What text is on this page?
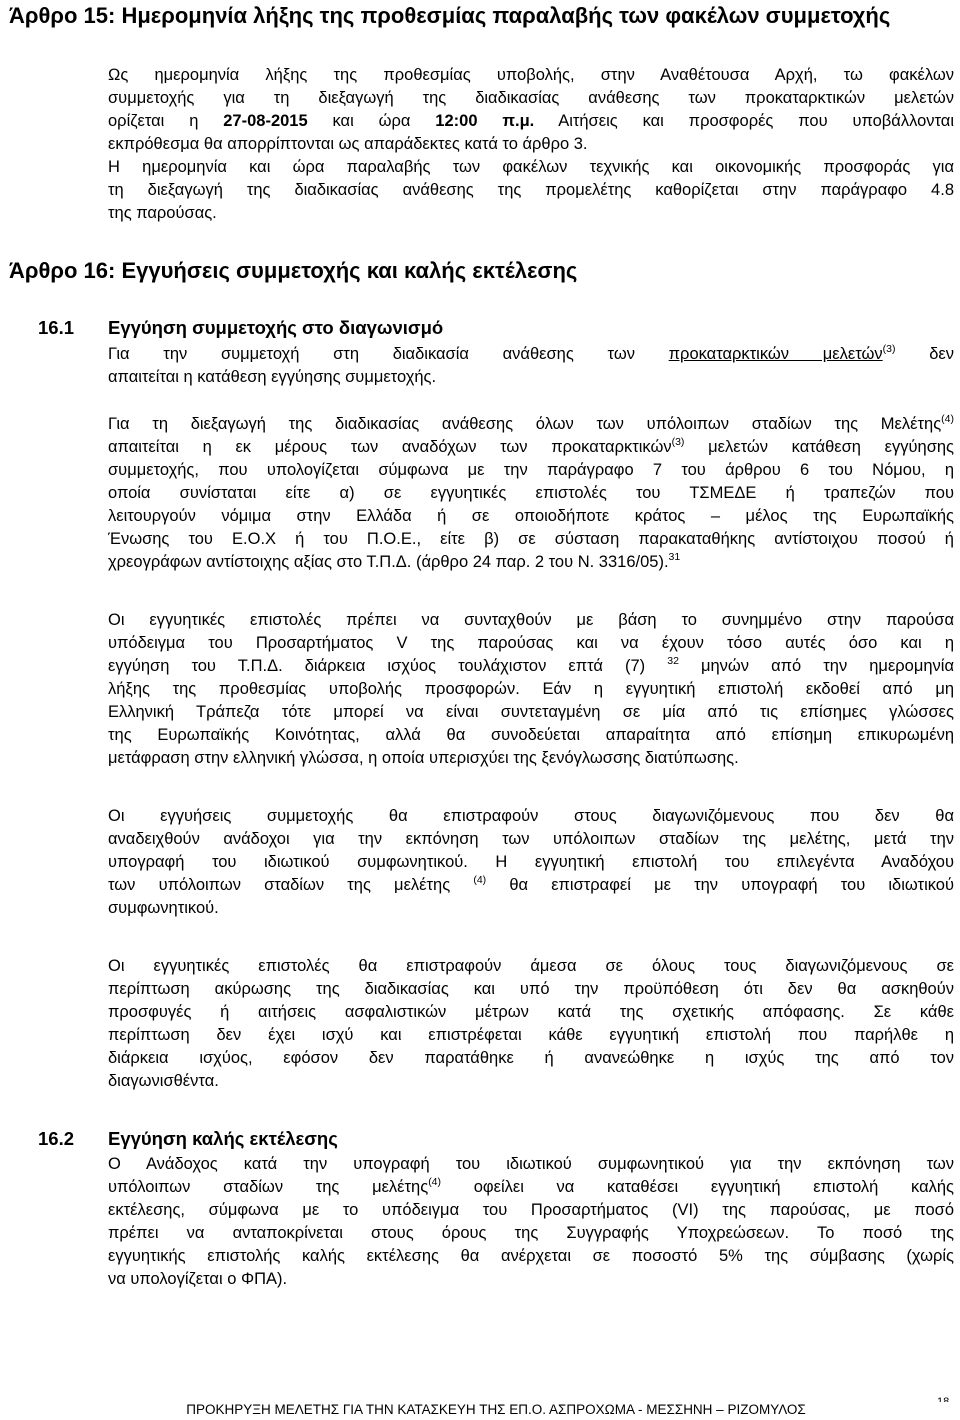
Άρθρο 15: Ημερομηνία λήξης της προθεσμίας παραλαβής των φακέλων συμμετοχής
Ως ημερομηνία λήξης της προθεσμίας υποβολής, στην Αναθέτουσα Αρχή, τω φακέλων
συμμετοχής για τη διεξαγωγή της διαδικασίας ανάθεσης των προκαταρκτικών μελετών
ορίζεται η 27-08-2015 και ώρα 12:00 π.μ. Αιτήσεις και προσφορές που υποβάλλονται
εκπρόθεσμα θα απορρίπτονται ως απαράδεκτες κατά το άρθρο 3.
Η ημερομηνία και ώρα παραλαβής των φακέλων τεχνικής και οικονομικής προσφοράς για
τη διεξαγωγή της διαδικασίας ανάθεσης της προμελέτης καθορίζεται στην παράγραφο 4.8
της παρούσας.
Άρθρο 16: Εγγυήσεις συμμετοχής και καλής εκτέλεσης
16.1 Εγγύηση συμμετοχής στο διαγωνισμό
Για την συμμετοχή στη διαδικασία ανάθεσης των προκαταρκτικών μελετών$^{(3)}$ δεν
απαιτείται η κατάθεση εγγύησης συμμετοχής.
Για τη διεξαγωγή της διαδικασίας ανάθεσης όλων των υπόλοιπων σταδίων της Μελέτης$^{(4)}$
απαιτείται η εκ μέρους των αναδόχων των προκαταρκτικών$^{(3)}$ μελετών κατάθεση εγγύησης
συμμετοχής, που υπολογίζεται σύμφωνα με την παράγραφο 7 του άρθρου 6 του Νόμου, η
οποία συνίσταται είτε α) σε εγγυητικές επιστολές του ΤΣΜΕΔΕ ή τραπεζών που
λειτουργούν νόμιμα στην Ελλάδα ή σε οποιοδήποτε κράτος – μέλος της Ευρωπαϊκής
Ένωσης του Ε.Ο.Χ ή του Π.Ο.Ε., είτε β) σε σύσταση παρακαταθήκης αντίστοιχου ποσού ή
χρεογράφων αντίστοιχης αξίας στο Τ.Π.Δ. (άρθρο 24 παρ. 2 του Ν. 3316/05).$^{31}$
Οι εγγυητικές επιστολές πρέπει να συνταχθούν με βάση το συνημμένο στην παρούσα
υπόδειγμα του Προσαρτήματος V της παρούσας και να έχουν τόσο αυτές όσο και η
εγγύηση του Τ.Π.Δ. διάρκεια ισχύος τουλάχιστον επτά (7) $^{32}$ μηνών από την ημερομηνία
λήξης της προθεσμίας υποβολής προσφορών. Εάν η εγγυητική επιστολή εκδοθεί από μη
Ελληνική Τράπεζα τότε μπορεί να είναι συντεταγμένη σε μία από τις επίσημες γλώσσες
της Ευρωπαϊκής Κοινότητας, αλλά θα συνοδεύεται απαραίτητα από επίσημη επικυρωμένη
μετάφραση στην ελληνική γλώσσα, η οποία υπερισχύει της ξενόγλωσσης διατύπωσης.
Οι εγγυήσεις συμμετοχής θα επιστραφούν στους διαγωνιζόμενους που δεν θα
αναδειχθούν ανάδοχοι για την εκπόνηση των υπόλοιπων σταδίων της μελέτης, μετά την
υπογραφή του ιδιωτικού συμφωνητικού. Η εγγυητική επιστολή του επιλεγέντα Αναδόχου
των υπόλοιπων σταδίων της μελέτης $^{(4)}$ θα επιστραφεί με την υπογραφή του ιδιωτικού
συμφωνητικού.
Οι εγγυητικές επιστολές θα επιστραφούν άμεσα σε όλους τους διαγωνιζόμενους σε
περίπτωση ακύρωσης της διαδικασίας και υπό την προϋπόθεση ότι δεν θα ασκηθούν
προσφυγές ή αιτήσεις ασφαλιστικών μέτρων κατά της σχετικής απόφασης. Σε κάθε
περίπτωση δεν έχει ισχύ και επιστρέφεται κάθε εγγυητική επιστολή που παρήλθε η
διάρκεια ισχύος, εφόσον δεν παρατάθηκε ή ανανεώθηκε η ισχύς της από τον
διαγωνισθέντα.
16.2 Εγγύηση καλής εκτέλεσης
Ο Ανάδοχος κατά την υπογραφή του ιδιωτικού συμφωνητικού για την εκπόνηση των
υπόλοιπων σταδίων της μελέτης$^{(4)}$ οφείλει να καταθέσει εγγυητική επιστολή καλής
εκτέλεσης, σύμφωνα με το υπόδειγμα του Προσαρτήματος (VI) της παρούσας, με ποσό
πρέπει να ανταποκρίνεται στους όρους της Συγγραφής Υποχρεώσεων. Το ποσό της
εγγυητικής επιστολής καλής εκτέλεσης θα ανέρχεται σε ποσοστό 5% της σύμβασης (χωρίς
να υπολογίζεται ο ΦΠΑ).
ΠΡΟΚΗΡΥΞΗ ΜΕΛΕΤΗΣ ΓΙΑ ΤΗΝ ΚΑΤΑΣΚΕΥΗ ΤΗΣ ΕΠ.Ο. ΑΣΠΡΟΧΩΜΑ - ΜΕΣΣΗΝΗ – ΡΙΖΟΜΥΛΟΣ
